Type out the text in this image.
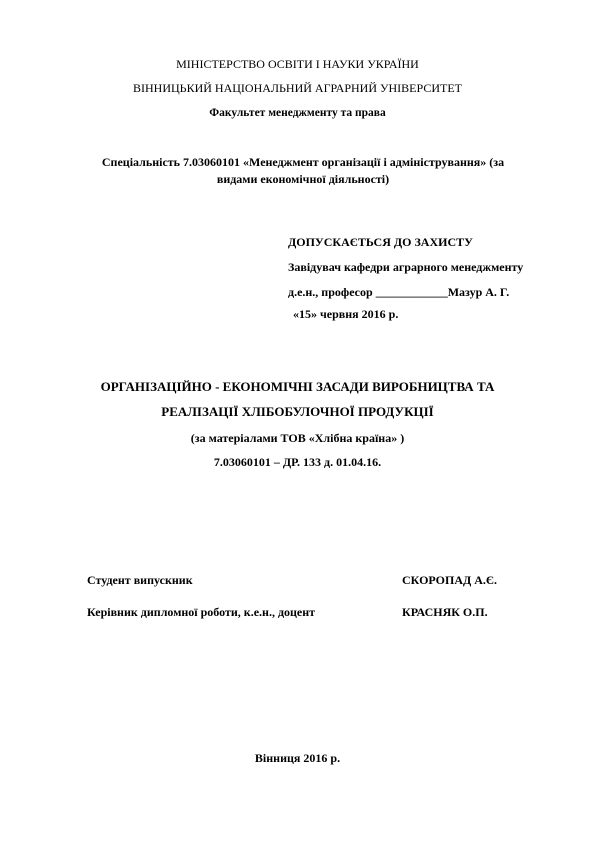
МІНІСТЕРСТВО ОСВІТИ І НАУКИ УКРАЇНИ
ВІННИЦЬКИЙ НАЦІОНАЛЬНИЙ АГРАРНИЙ УНІВЕРСИТЕТ
Факультет менеджменту та права
Спеціальність 7.03060101 «Менеджмент організації і адміністрування» (за
видами економічної діяльності)
ДОПУСКАЄТЬСЯ ДО ЗАХИСТУ
Завідувач кафедри аграрного менеджменту
д.е.н., професор ____________Мазур А. Г.
«15» червня 2016 р.
ОРГАНІЗАЦІЙНО - ЕКОНОМІЧНІ ЗАСАДИ ВИРОБНИЦТВА ТА
РЕАЛІЗАЦІЇ ХЛІБОБУЛОЧНОЇ ПРОДУКЦІЇ
(за матеріалами ТОВ «Хлібна країна» )
7.03060101 – ДР. 133 д. 01.04.16.
Студент випускник	СКОРОПАД А.Є.
Керівник дипломної роботи, к.е.н., доцент	КРАСНЯК О.П.
Вінниця 2016 р.
